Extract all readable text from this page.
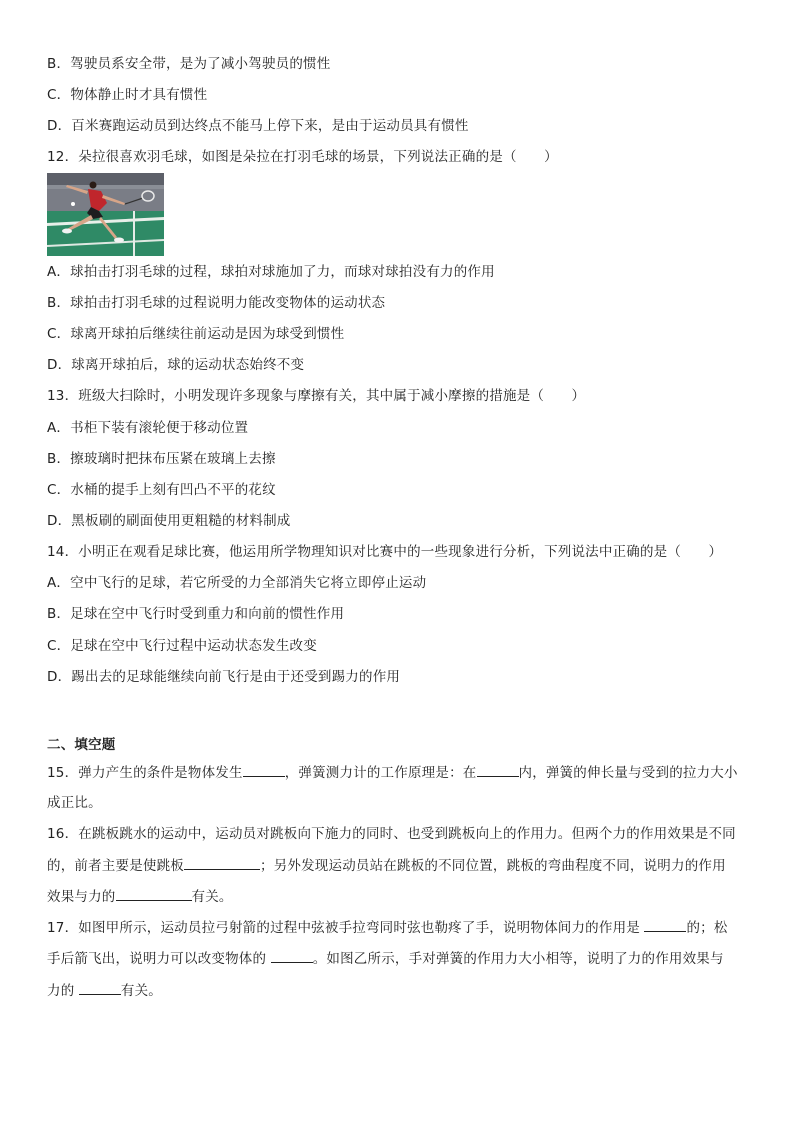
B．驾驶员系安全带，是为了减小驾驶员的惯性
C．物体静止时才具有惯性
D．百米赛跑运动员到达终点不能马上停下来，是由于运动员具有惯性
12．朵拉很喜欢羽毛球，如图是朵拉在打羽毛球的场景，下列说法正确的是（　　）
A．球拍击打羽毛球的过程，球拍对球施加了力，而球对球拍没有力的作用
B．球拍击打羽毛球的过程说明力能改变物体的运动状态
C．球离开球拍后继续往前运动是因为球受到惯性
D．球离开球拍后，球的运动状态始终不变
13．班级大扫除时，小明发现许多现象与摩擦有关，其中属于减小摩擦的措施是（　　）
A．书柜下装有滚轮便于移动位置
B．擦玻璃时把抹布压紧在玻璃上去擦
C．水桶的提手上刻有凹凸不平的花纹
D．黑板刷的刷面使用更粗糙的材料制成
14．小明正在观看足球比赛，他运用所学物理知识对比赛中的一些现象进行分析，下列说法中正确的是（　　）
A．空中飞行的足球，若它所受的力全部消失它将立即停止运动
B．足球在空中飞行时受到重力和向前的惯性作用
C．足球在空中飞行过程中运动状态发生改变
D．踢出去的足球能继续向前飞行是由于还受到踢力的作用
二、填空题
15．弹力产生的条件是物体发生	，弹簧测力计的工作原理是：在	内，弹簧的伸长量与受到的拉力大小
成正比。
16．在跳板跳水的运动中，运动员对跳板向下施力的同时、也受到跳板向上的作用力。但两个力的作用效果是不同
的，前者主要是使跳板	；另外发现运动员站在跳板的不同位置，跳板的弯曲程度不同，说明力的作用
效果与力的	有关。
17．如图甲所示，运动员拉弓射箭的过程中弦被手拉弯同时弦也勒疼了手，说明物体间力的作用是	的；松
手后箭飞出，说明力可以改变物体的	。如图乙所示，手对弹簧的作用力大小相等，说明了力的作用效果与
力的	有关。
